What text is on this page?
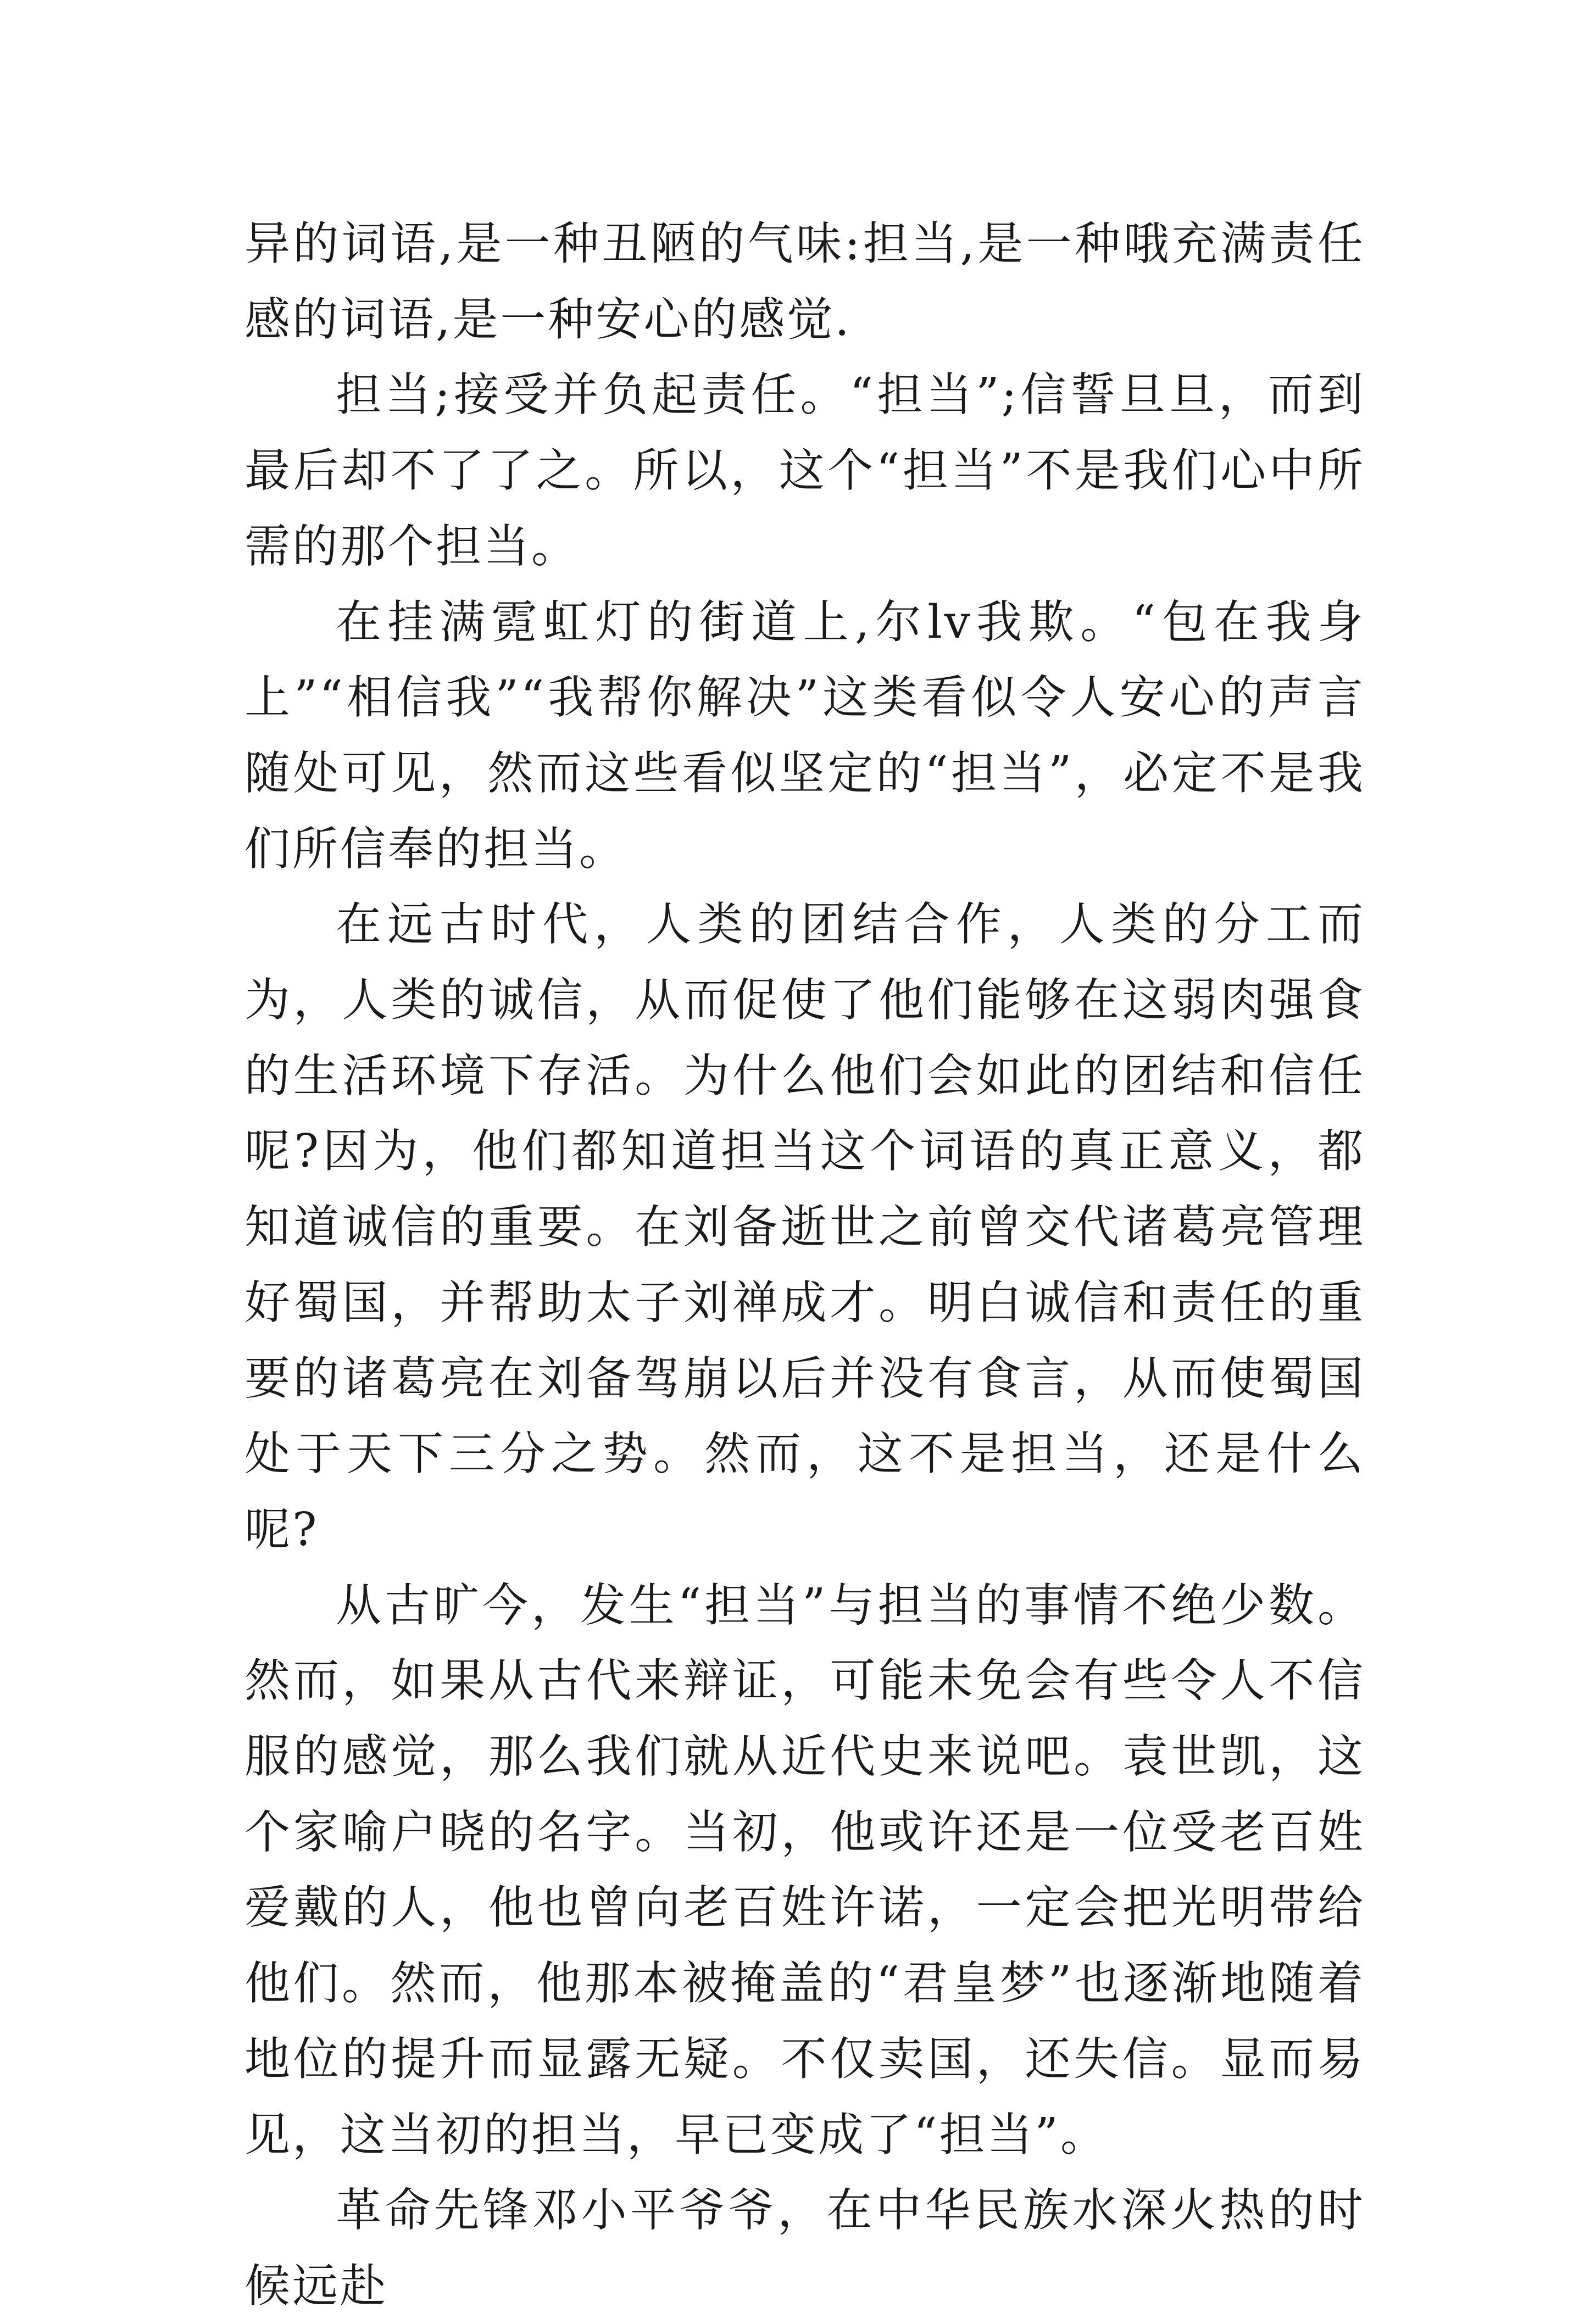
异的词语,是一种丑陋的气味:担当,是一种哦充满责任感的词语,是一种安心的感觉.

担当;接受并负起责任。“担当”;信誓旦旦，而到最后却不了了之。所以，这个“担当”不是我们心中所需的那个担当。

在挂满霓虹灯的街道上,尔lv我欺。“包在我身上”“相信我”“我帮你解决”这类看似令人安心的声言随处可见，然而这些看似坚定的“担当”，必定不是我们所信奉的担当。

在远古时代，人类的团结合作，人类的分工而为，人类的诚信，从而促使了他们能够在这弱肉强食的生活环境下存活。为什么他们会如此的团结和信任呢?因为，他们都知道担当这个词语的真正意义，都知道诚信的重要。在刘备逝世之前曾交代诸葛亮管理好蜀国，并帮助太子刘禅成才。明白诚信和责任的重要的诸葛亮在刘备驾崩以后并没有食言，从而使蜀国处于天下三分之势。然而，这不是担当，还是什么呢?

从古旷今，发生“担当”与担当的事情不绝少数。然而，如果从古代来辩证，可能未免会有些令人不信服的感觉，那么我们就从近代史来说吧。袁世凯，这个家喻户晓的名字。当初，他或许还是一位受老百姓爱戴的人，他也曾向老百姓许诺，一定会把光明带给他们。然而，他那本被掩盖的“君皇梦”也逐渐地随着地位的提升而显露无疑。不仅卖国，还失信。显而易见，这当初的担当，早已变成了“担当”。

革命先锋邓小平爷爷，在中华民族水深火热的时候远赴
